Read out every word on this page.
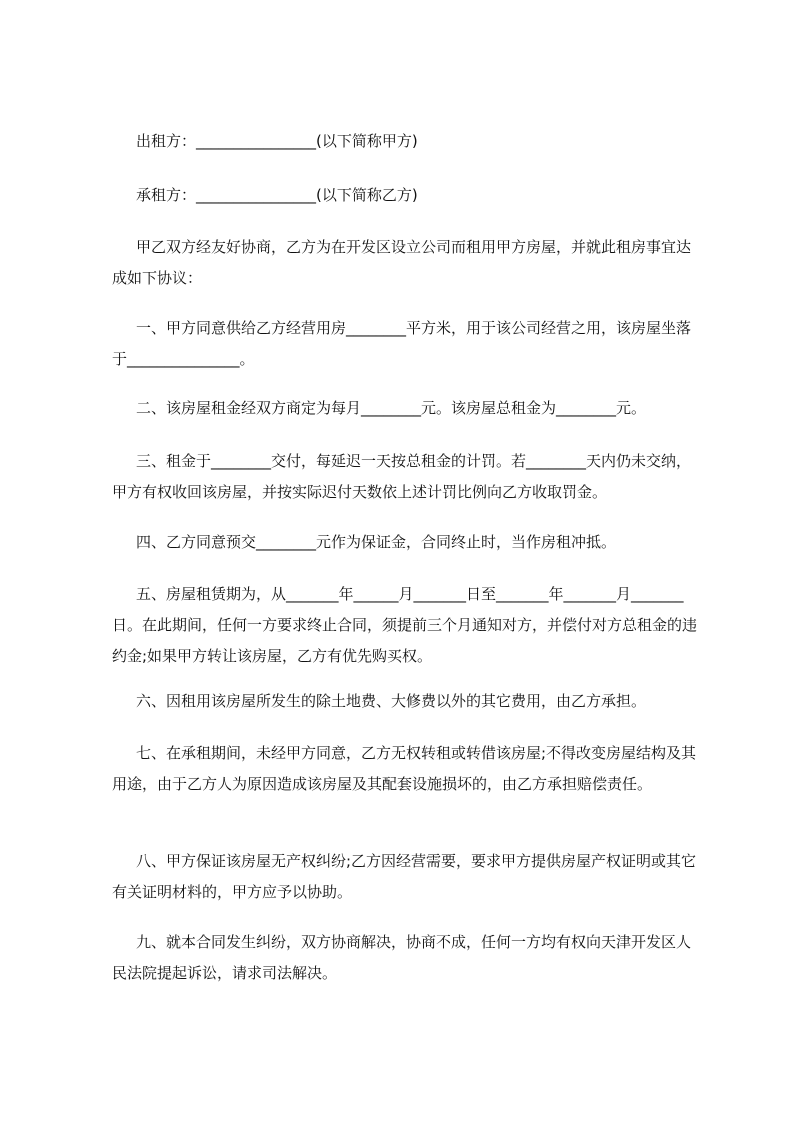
出租方：________________(以下简称甲方)

承租方：________________(以下简称乙方)

甲乙双方经友好协商，乙方为在开发区设立公司而租用甲方房屋，并就此租房事宜达成如下协议：

一、甲方同意供给乙方经营用房________平方米，用于该公司经营之用，该房屋坐落于_______________。

二、该房屋租金经双方商定为每月________元。该房屋总租金为________元。

三、租金于________交付，每延迟一天按总租金的计罚。若________天内仍未交纳，甲方有权收回该房屋，并按实际迟付天数依上述计罚比例向乙方收取罚金。

四、乙方同意预交________元作为保证金，合同终止时，当作房租冲抵。

五、房屋租赁期为，从_______年______月_______日至_______年_______月_______日。在此期间，任何一方要求终止合同，须提前三个月通知对方，并偿付对方总租金的违约金;如果甲方转让该房屋，乙方有优先购买权。

六、因租用该房屋所发生的除土地费、大修费以外的其它费用，由乙方承担。

七、在承租期间，未经甲方同意，乙方无权转租或转借该房屋;不得改变房屋结构及其用途，由于乙方人为原因造成该房屋及其配套设施损坏的，由乙方承担赔偿责任。

八、甲方保证该房屋无产权纠纷;乙方因经营需要，要求甲方提供房屋产权证明或其它有关证明材料的，甲方应予以协助。

九、就本合同发生纠纷，双方协商解决，协商不成，任何一方均有权向天津开发区人民法院提起诉讼，请求司法解决。
